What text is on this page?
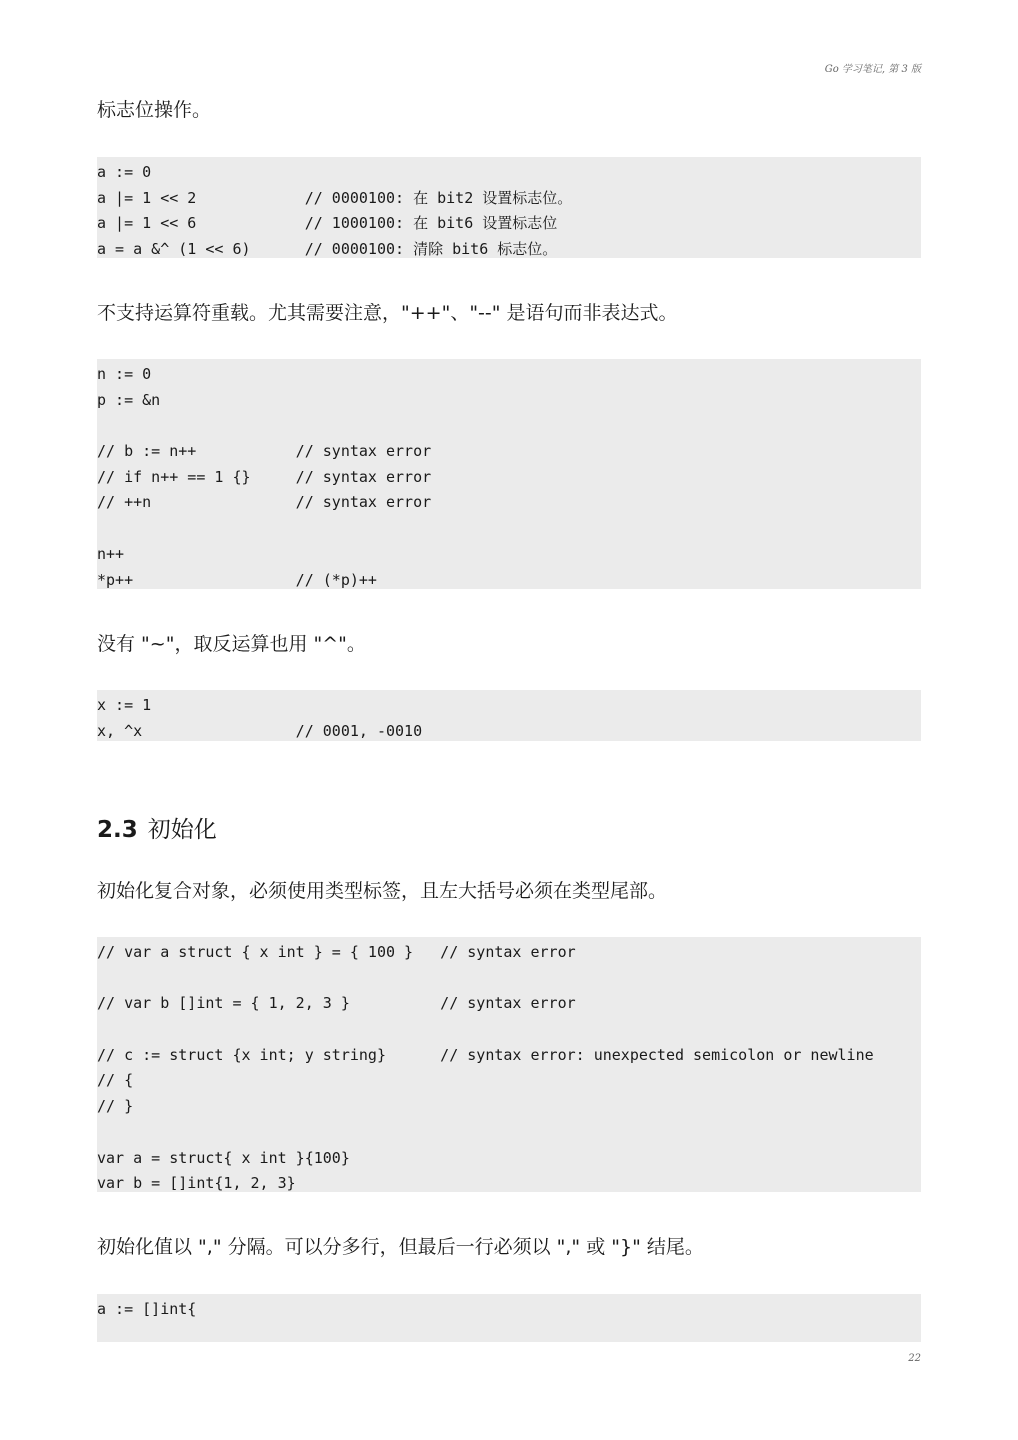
Go 学习笔记, 第 3 版
标志位操作。
a := 0
a |= 1 << 2            // 0000100: 在 bit2 设置标志位。
a |= 1 << 6            // 1000100: 在 bit6 设置标志位
a = a &^ (1 << 6)      // 0000100: 清除 bit6 标志位。
不支持运算符重载。尤其需要注意，"++"、"--" 是语句而非表达式。
n := 0
p := &n
// b := n++           // syntax error
// if n++ == 1 {}     // syntax error
// ++n                // syntax error
n++
*p++                  // (*p)++
没有 "~"，取反运算也用 "^"。
x := 1
x, ^x                 // 0001, -0010
2.3 初始化
初始化复合对象，必须使用类型标签，且左大括号必须在类型尾部。
// var a struct { x int } = { 100 }   // syntax error
// var b []int = { 1, 2, 3 }          // syntax error
// c := struct {x int; y string}      // syntax error: unexpected semicolon or newline
// {
// }
var a = struct{ x int }{100}
var b = []int{1, 2, 3}
初始化值以 "," 分隔。可以分多行，但最后一行必须以 "," 或 "}" 结尾。
a := []int{
22
